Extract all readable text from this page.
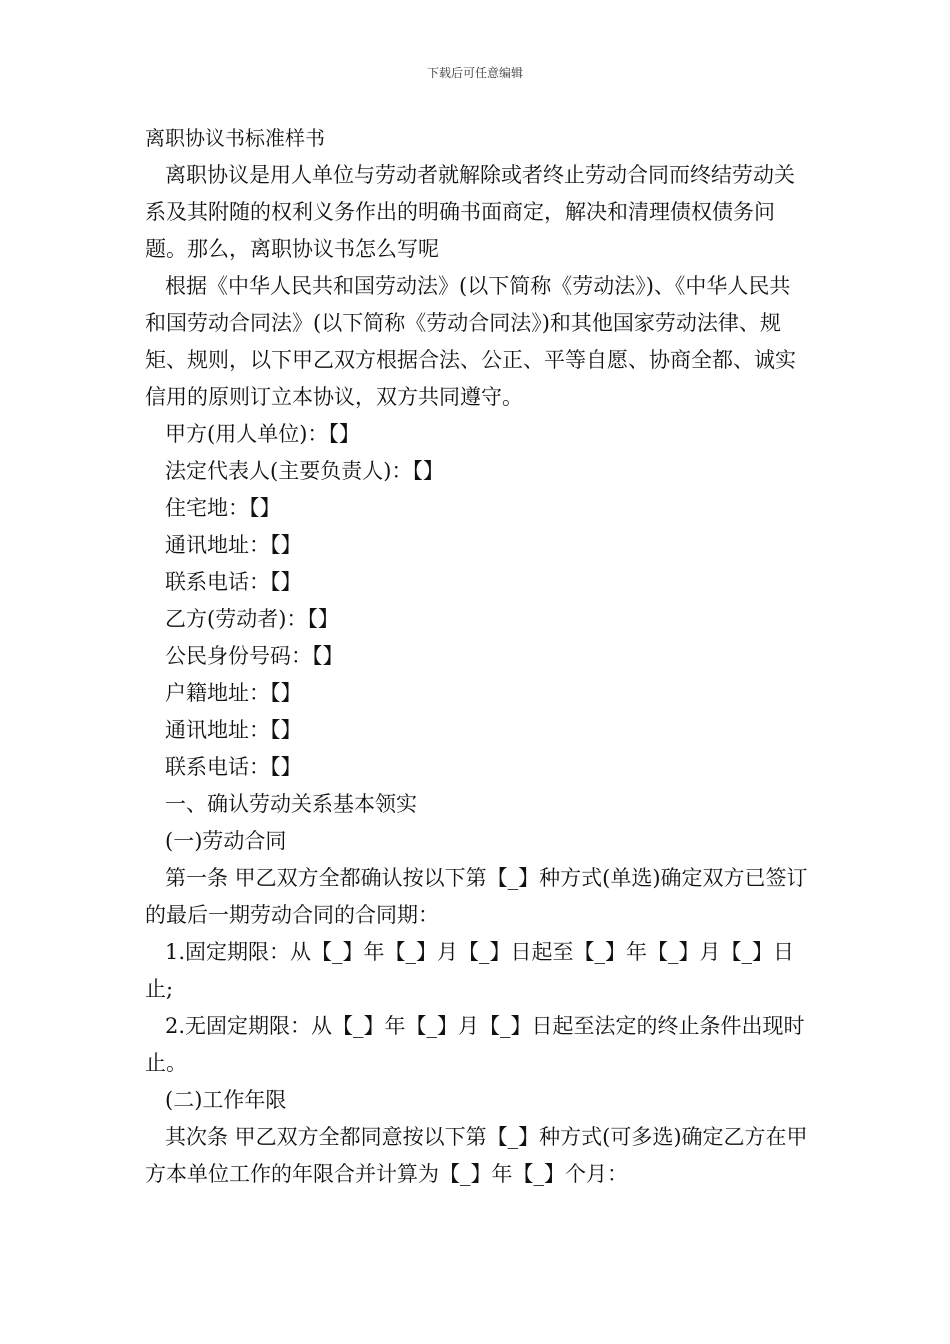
下载后可任意编辑

离职协议书标准样书

离职协议是用人单位与劳动者就解除或者终止劳动合同而终结劳动关系及其附随的权利义务作出的明确书面商定，解决和清理债权债务问题。那么，离职协议书怎么写呢

根据《中华人民共和国劳动法》(以下简称《劳动法》)、《中华人民共和国劳动合同法》(以下简称《劳动合同法》)和其他国家劳动法律、规矩、规则，以下甲乙双方根据合法、公正、平等自愿、协商全都、诚实信用的原则订立本协议，双方共同遵守。

甲方(用人单位)：【】
法定代表人(主要负责人)：【】
住宅地：【】
通讯地址：【】
联系电话：【】
乙方(劳动者)：【】
公民身份号码：【】
户籍地址：【】
通讯地址：【】
联系电话：【】

一、确认劳动关系基本领实

(一)劳动合同

第一条 甲乙双方全都确认按以下第【_】种方式(单选)确定双方已签订的最后一期劳动合同的合同期：

1.固定期限：从【_】年【_】月【_】日起至【_】年【_】月【_】日止;

2.无固定期限：从【_】年【_】月【_】日起至法定的终止条件出现时止。

(二)工作年限

其次条 甲乙双方全都同意按以下第【_】种方式(可多选)确定乙方在甲方本单位工作的年限合并计算为【_】年【_】个月：
